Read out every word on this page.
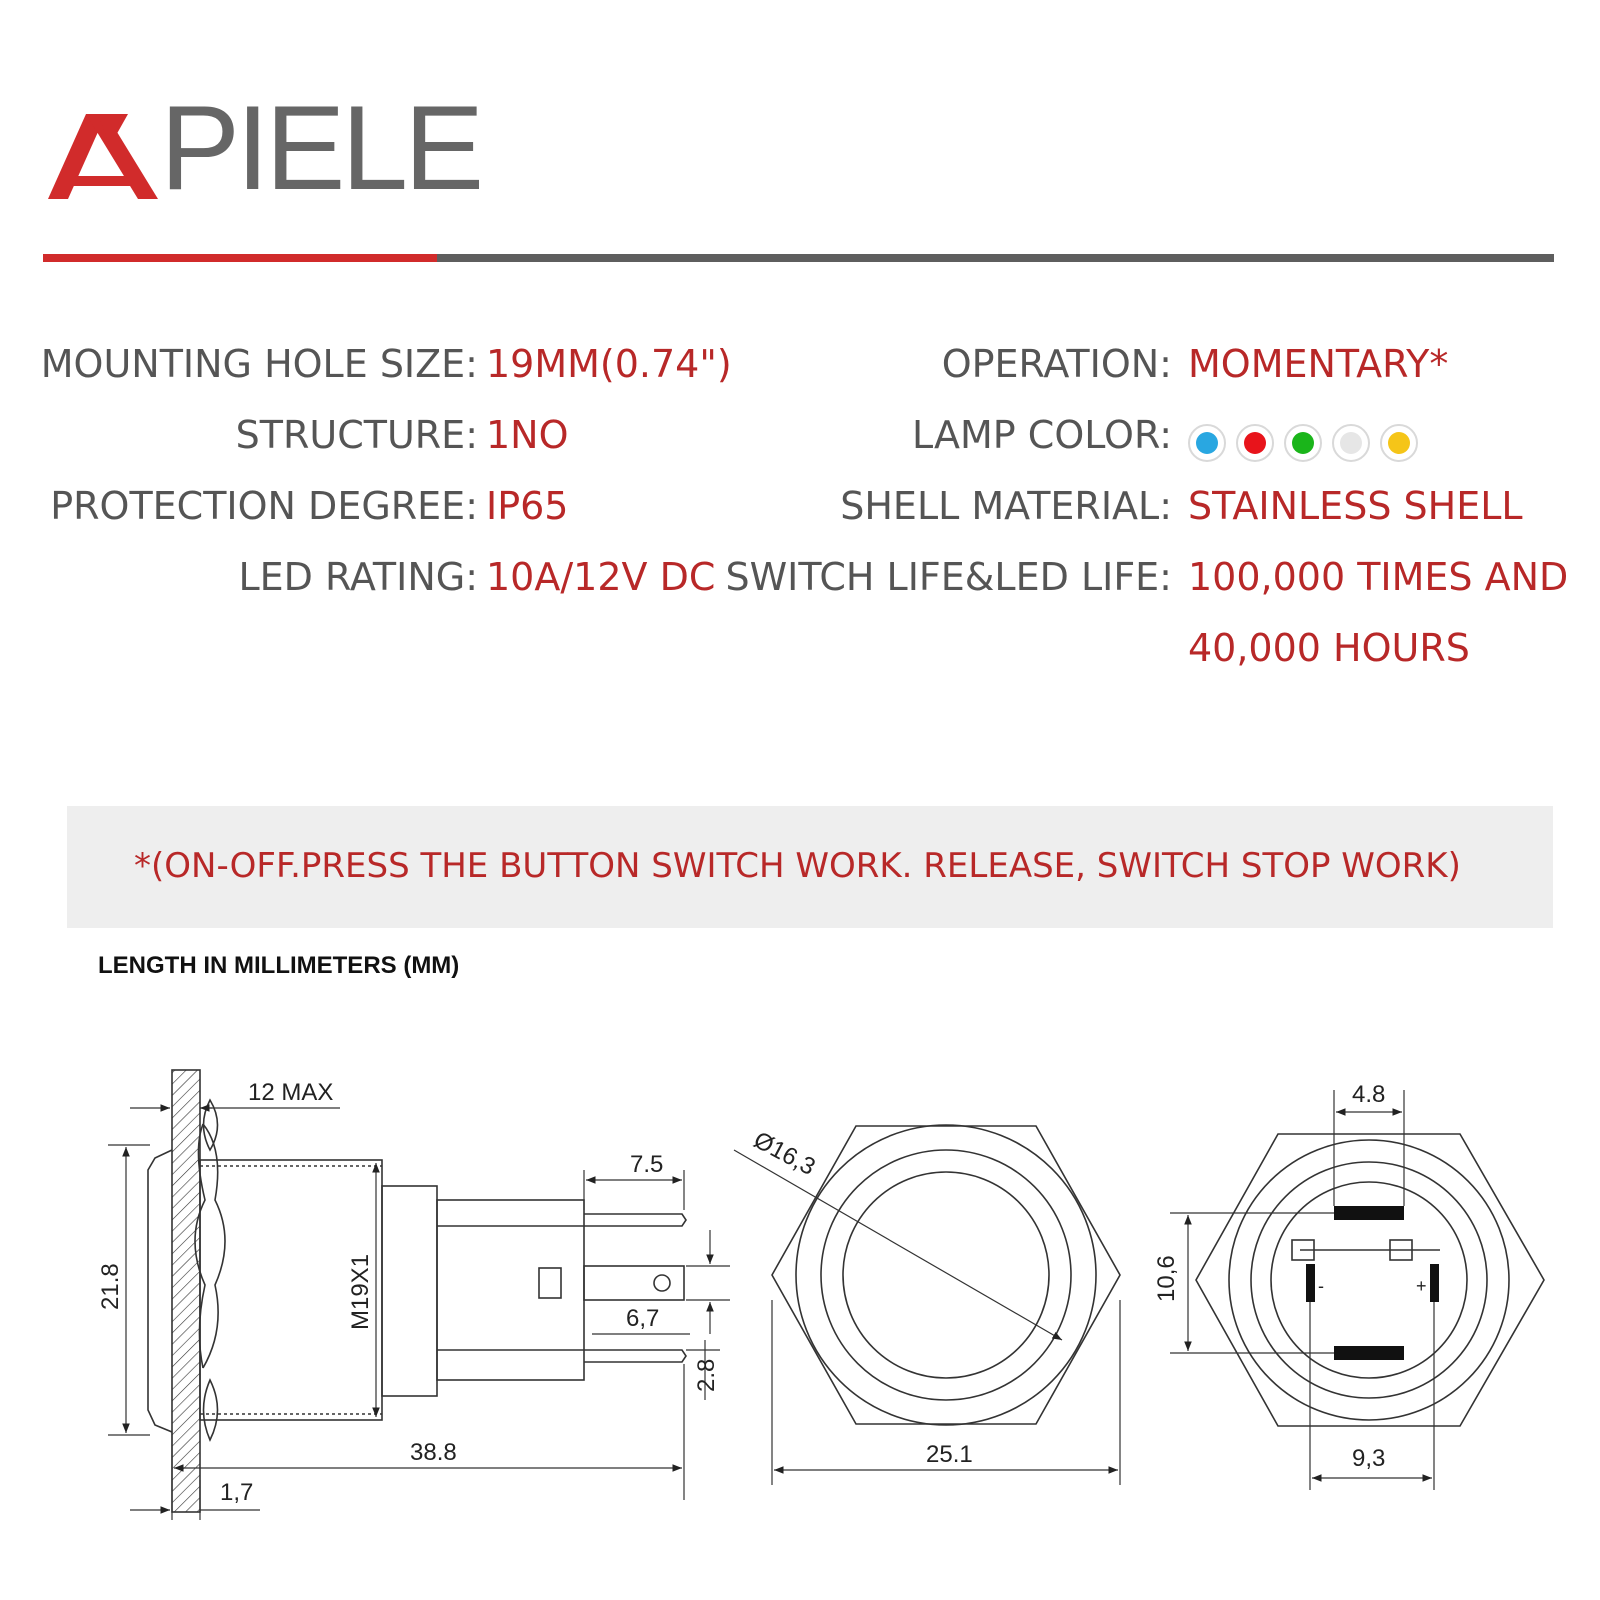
PIELE
MOUNTING HOLE SIZE: 19MM(0.74")
STRUCTURE: 1NO
PROTECTION DEGREE: IP65
LED RATING: 10A/12V DC
OPERATION: MOMENTARY*
LAMP COLOR:
SHELL MATERIAL: STAINLESS SHELL
SWITCH LIFE&LED LIFE: 100,000 TIMES AND
40,000 HOURS
*(ON-OFF.PRESS THE BUTTON SWITCH WORK. RELEASE, SWITCH STOP WORK)
LENGTH IN MILLIMETERS (MM)
12 MAX
21.8	M19X1
7.5
6,7
2.8
38.8
1,7
Ø16,3
25.1
-	+
4.8
10,6
9,3
